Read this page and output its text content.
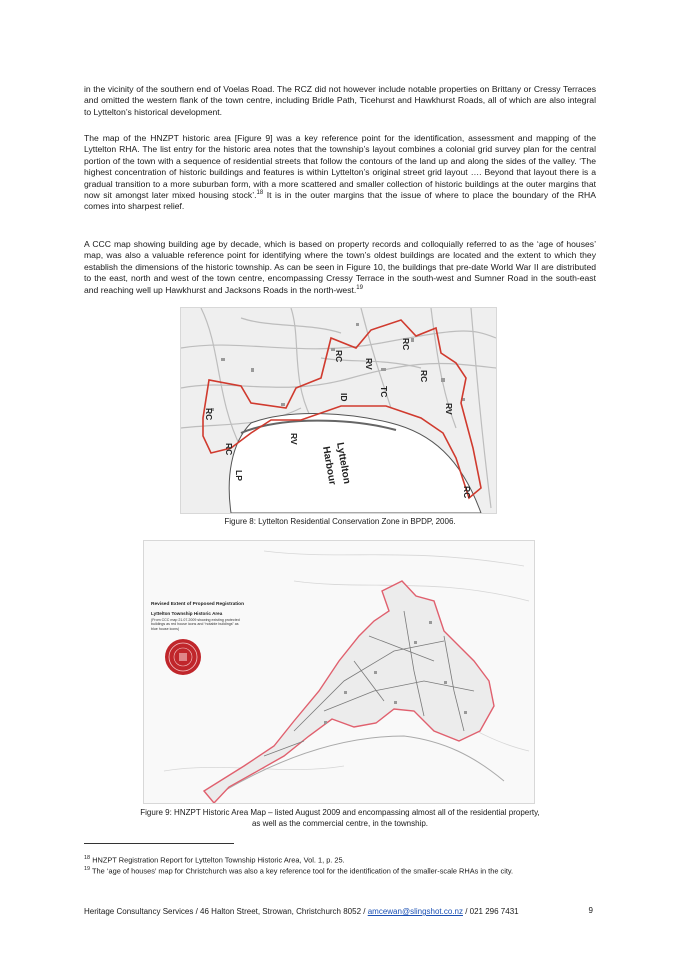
in the vicinity of the southern end of Voelas Road. The RCZ did not however include notable properties on Brittany or Cressy Terraces and omitted the western flank of the town centre, including Bridle Path, Ticehurst and Hawkhurst Roads, all of which are also integral to Lyttelton’s historical development.

The map of the HNZPT historic area [Figure 9] was a key reference point for the identification, assessment and mapping of the Lyttelton RHA. The list entry for the historic area notes that the township’s layout combines a colonial grid survey plan for the central portion of the town with a sequence of residential streets that follow the contours of the land up and along the sides of the valley. ‘The highest concentration of historic buildings and features is within Lyttelton’s original street grid layout …. Beyond that layout there is a gradual transition to a more suburban form, with a more scattered and smaller collection of historic buildings at the outer margins that now sit amongst later mixed housing stock’.$^{18}$ It is in the outer margins that the issue of where to place the boundary of the RHA comes into sharpest relief.

A CCC map showing building age by decade, which is based on property records and colloquially referred to as the ‘age of houses’ map, was also a valuable reference point for identifying where the town’s oldest buildings are located and the extent to which they establish the dimensions of the historic township. As can be seen in Figure 10, the buildings that pre-date World War II are distributed to the east, north and west of the town centre, encompassing Cressy Terrace in the south-west and Sumner Road in the south-east and reaching well up Hawkhurst and Jacksons Roads in the north-west.$^{19}$

RC
RC
RV
RC
RC
RC
RV
TC
ID
RV
RC
LP	Lyttelton
Harbour
Figure 8: Lyttelton Residential Conservation Zone in BPDP, 2006.
Revised Extent of Proposed Registration
Lyttelton Township Historic Area
(From CCC map 21.07.2009 showing existing protected buildings as red house icons and “notable buildings” as blue house icons)
Figure 9: HNZPT Historic Area Map – listed August 2009 and encompassing almost all of the residential property,
as well as the commercial centre, in the township.
$^{18}$ HNZPT Registration Report for Lyttelton Township Historic Area, Vol. 1, p. 25.
$^{19}$ The ‘age of houses’ map for Christchurch was also a key reference tool for the identification of the smaller-scale RHAs in the city.
Heritage Consultancy Services / 46 Halton Street, Strowan, Christchurch 8052 / amcewan@slingshot.co.nz / 021 296 7431	9
